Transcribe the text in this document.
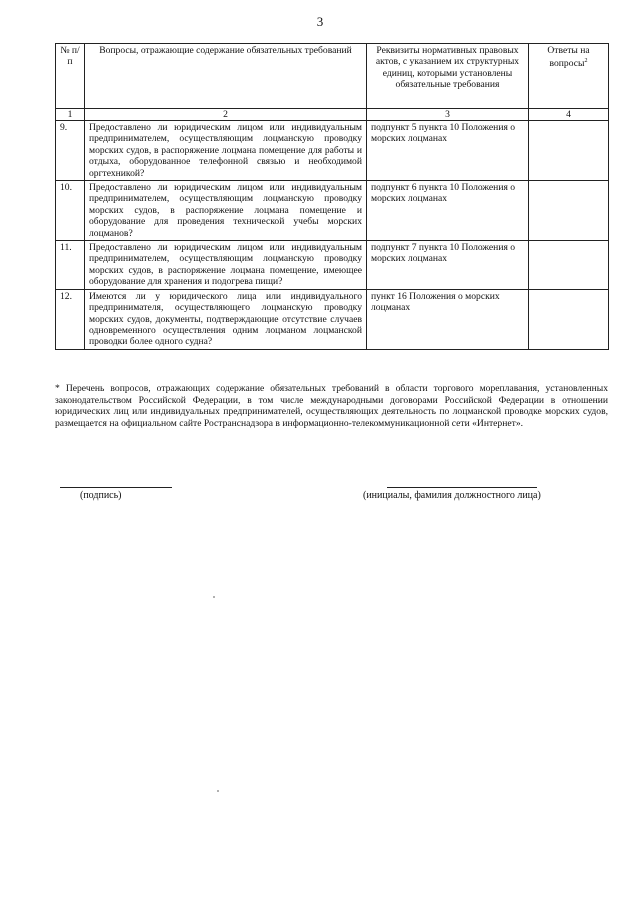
3
№ п/п	Вопросы, отражающие содержание обязательных требований	Реквизиты нормативных правовых актов, с указанием их структурных единиц, которыми установлены обязательные требования	Ответы на вопросы$^2$
1	2	3	4
9.	Предоставлено ли юридическим лицом или индивидуальным предпринимателем, осуществляющим лоцманскую проводку морских судов, в распоряжение лоцмана помещение для работы и отдыха, оборудованное телефонной связью и необходимой оргтехникой?	подпункт 5 пункта 10 Положения о морских лоцманах	
10.	Предоставлено ли юридическим лицом или индивидуальным предпринимателем, осуществляющим лоцманскую проводку морских судов, в распоряжение лоцмана помещение и оборудование для проведения технической учебы морских лоцманов?	подпункт 6 пункта 10 Положения о морских лоцманах	
11.	Предоставлено ли юридическим лицом или индивидуальным предпринимателем, осуществляющим лоцманскую проводку морских судов, в распоряжение лоцмана помещение, имеющее оборудование для хранения и подогрева пищи?	подпункт 7 пункта 10 Положения о морских лоцманах	
12.	Имеются ли у юридического лица или индивидуального предпринимателя, осуществляющего лоцманскую проводку морских судов, документы, подтверждающие отсутствие случаев одновременного осуществления одним лоцманом лоцманской проводки более одного судна?	пункт 16 Положения о морских лоцманах	
* Перечень вопросов, отражающих содержание обязательных требований в области торгового мореплавания, установленных законодательством Российской Федерации, в том числе международными договорами Российской Федерации в отношении юридических лиц или индивидуальных предпринимателей, осуществляющих деятельность по лоцманской проводке морских судов, размещается на официальном сайте Ространснадзора в информационно-телекоммуникационной сети «Интернет».
(подпись)	(инициалы, фамилия должностного лица)
